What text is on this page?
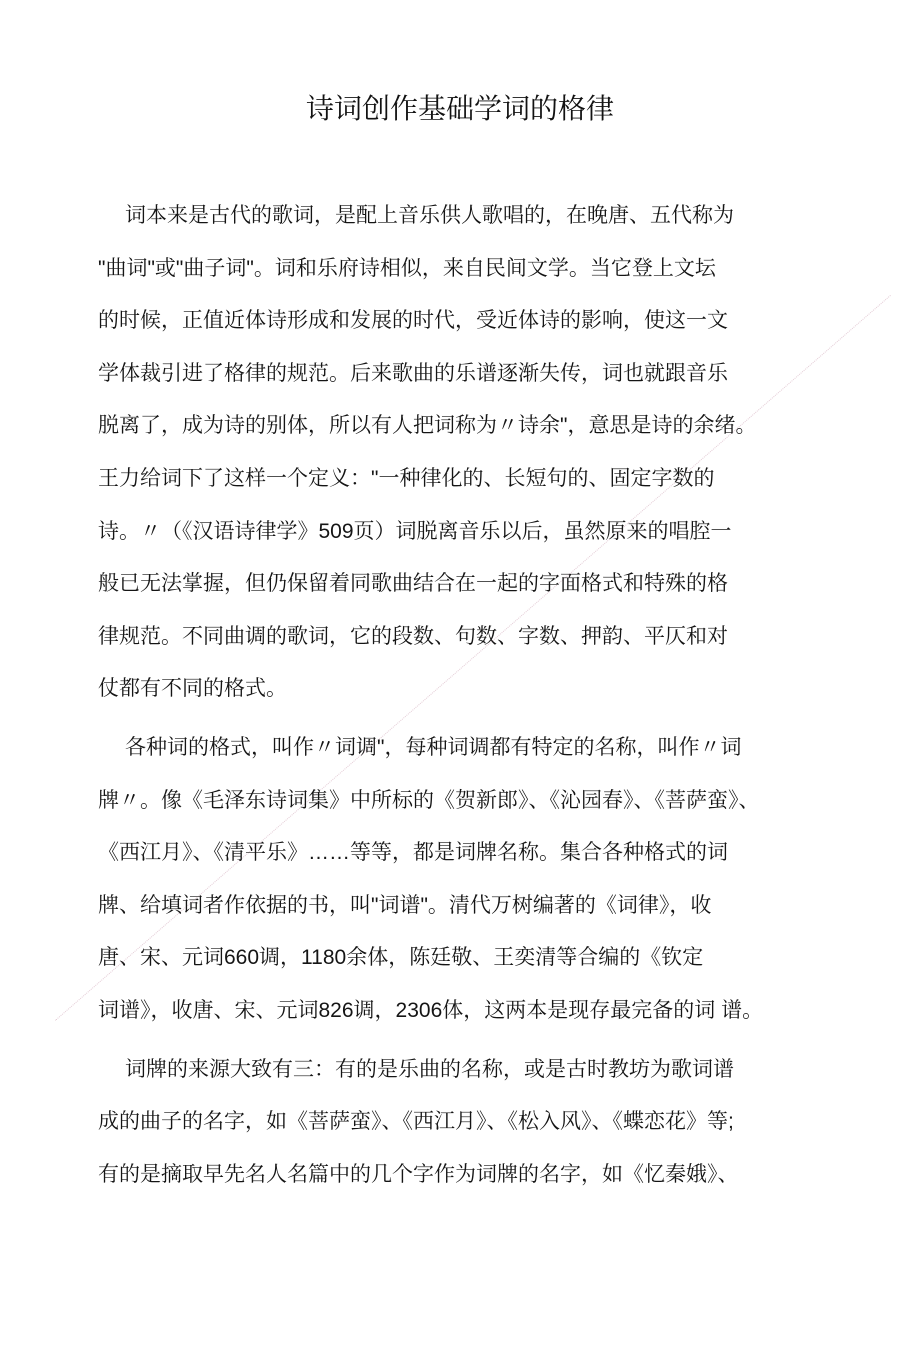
诗词创作基础学词的格律
词本来是古代的歌词，是配上音乐供人歌唱的，在晚唐、五代称为
"曲词"或"曲子词"。词和乐府诗相似，来自民间文学。当它登上文坛
的时候，正值近体诗形成和发展的时代，受近体诗的影响，使这一文
学体裁引进了格律的规范。后来歌曲的乐谱逐渐失传，词也就跟音乐
脱离了，成为诗的别体，所以有人把词称为〃诗余"，意思是诗的余绪。
王力给词下了这样一个定义："一种律化的、长短句的、固定字数的
诗。〃（《汉语诗律学》509页）词脱离音乐以后，虽然原来的唱腔一
般已无法掌握，但仍保留着同歌曲结合在一起的字面格式和特殊的格
律规范。不同曲调的歌词，它的段数、句数、字数、押韵、平仄和对
仗都有不同的格式。
各种词的格式，叫作〃词调"，每种词调都有特定的名称，叫作〃词
牌〃。像《毛泽东诗词集》中所标的《贺新郎》、《沁园春》、《菩萨蛮》、
《西江月》、《清平乐》……等等，都是词牌名称。集合各种格式的词
牌、给填词者作依据的书，叫"词谱"。清代万树编著的《词律》，收
唐、宋、元词660调，1180余体，陈廷敬、王奕清等合编的《钦定
词谱》，收唐、宋、元词826调，2306体，这两本是现存最完备的词 谱。
词牌的来源大致有三：有的是乐曲的名称，或是古时教坊为歌词谱
成的曲子的名字，如《菩萨蛮》、《西江月》、《松入风》、《蝶恋花》等;
有的是摘取早先名人名篇中的几个字作为词牌的名字，如《忆秦娥》、
